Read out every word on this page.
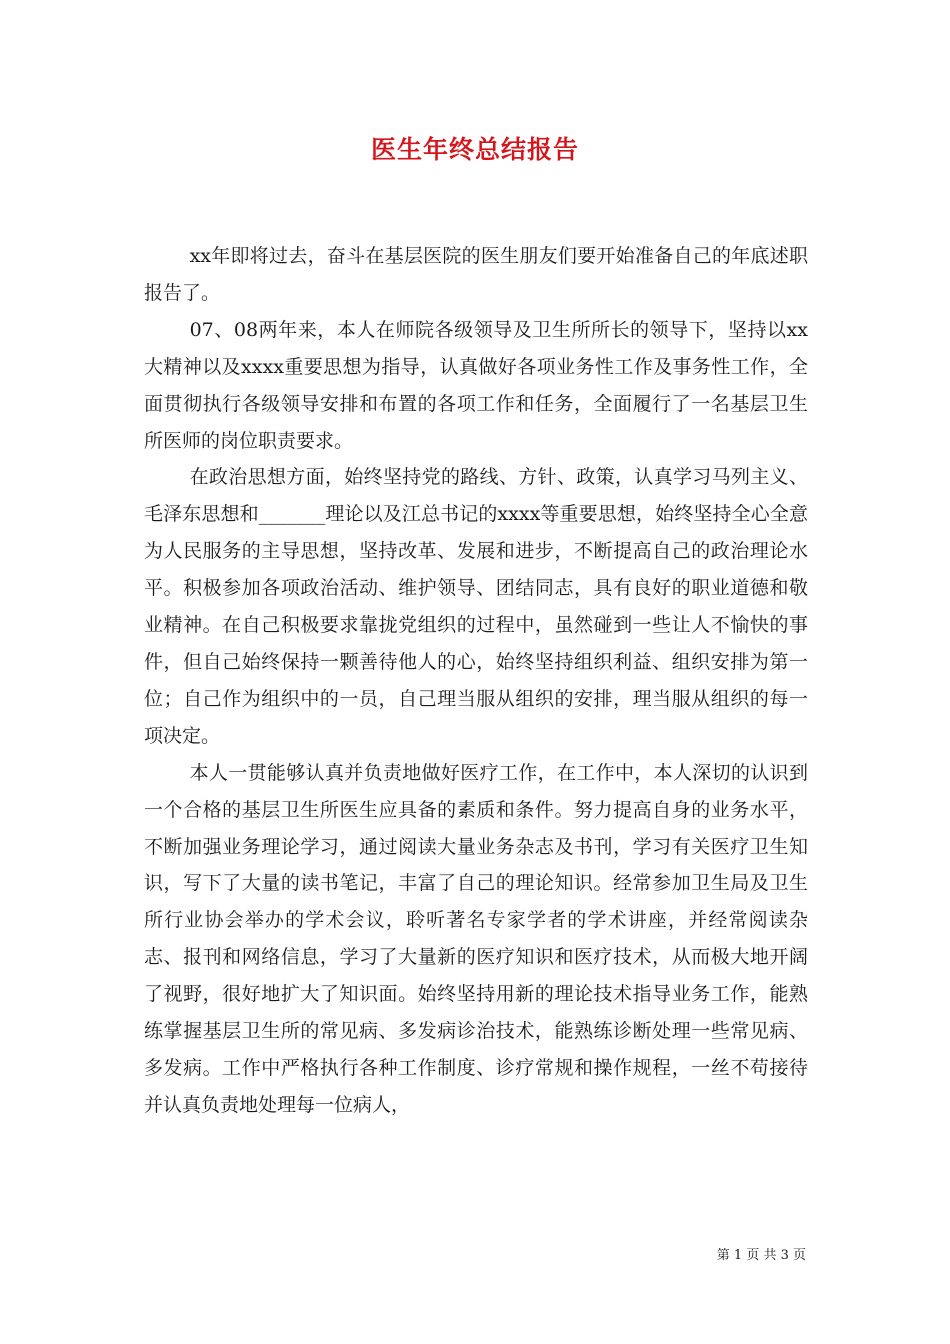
医生年终总结报告

xx年即将过去，奋斗在基层医院的医生朋友们要开始准备自己的年底述职报告了。

07、08两年来，本人在师院各级领导及卫生所所长的领导下，坚持以xx大精神以及xxxx重要思想为指导，认真做好各项业务性工作及事务性工作，全面贯彻执行各级领导安排和布置的各项工作和任务，全面履行了一名基层卫生所医师的岗位职责要求。

在政治思想方面，始终坚持党的路线、方针、政策，认真学习马列主义、毛泽东思想和_______理论以及江总书记的xxxx等重要思想，始终坚持全心全意为人民服务的主导思想，坚持改革、发展和进步，不断提高自己的政治理论水平。积极参加各项政治活动、维护领导、团结同志，具有良好的职业道德和敬业精神。在自己积极要求靠拢党组织的过程中，虽然碰到一些让人不愉快的事件，但自己始终保持一颗善待他人的心，始终坚持组织利益、组织安排为第一位；自己作为组织中的一员，自己理当服从组织的安排，理当服从组织的每一项决定。

本人一贯能够认真并负责地做好医疗工作，在工作中，本人深切的认识到一个合格的基层卫生所医生应具备的素质和条件。努力提高自身的业务水平，不断加强业务理论学习，通过阅读大量业务杂志及书刊，学习有关医疗卫生知识，写下了大量的读书笔记，丰富了自己的理论知识。经常参加卫生局及卫生所行业协会举办的学术会议，聆听著名专家学者的学术讲座，并经常阅读杂志、报刊和网络信息，学习了大量新的医疗知识和医疗技术，从而极大地开阔了视野，很好地扩大了知识面。始终坚持用新的理论技术指导业务工作，能熟练掌握基层卫生所的常见病、多发病诊治技术，能熟练诊断处理一些常见病、多发病。工作中严格执行各种工作制度、诊疗常规和操作规程，一丝不苟接待并认真负责地处理每一位病人，

第 1 页 共 3 页
